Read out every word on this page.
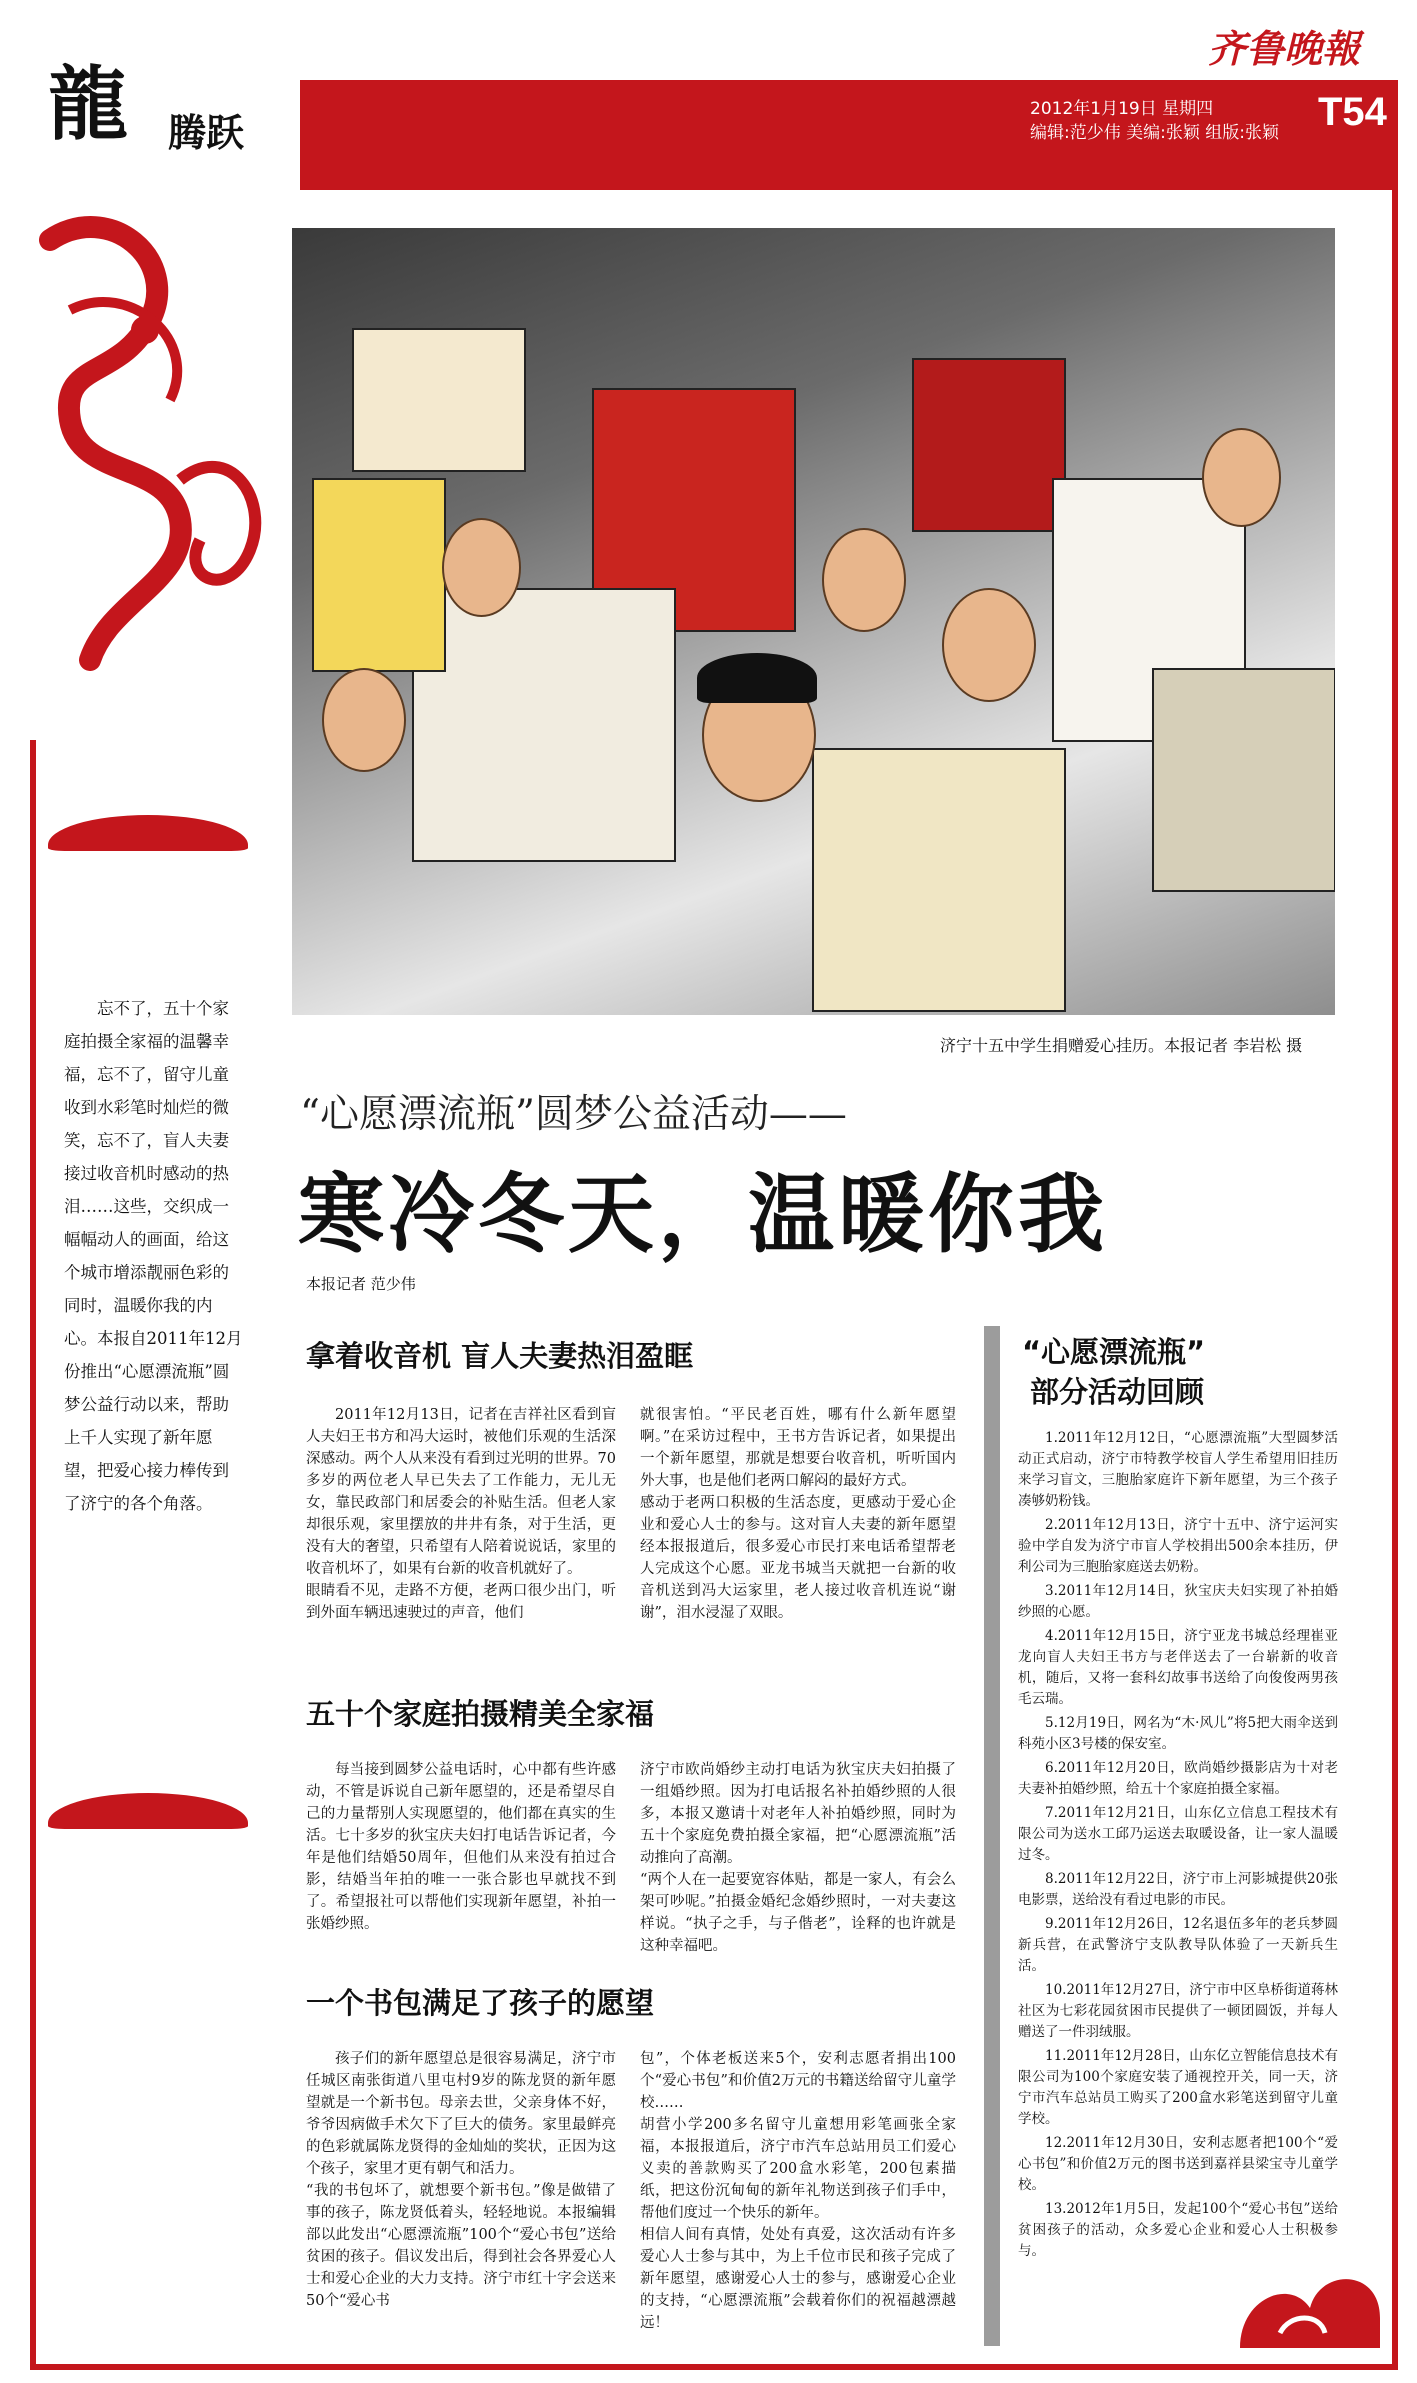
齐鲁晚報
龍 腾跃
2012年1月19日 星期四
编辑:范少伟 美编:张颖 组版:张颖 T54
济宁十五中学生捐赠爱心挂历。本报记者 李岩松 摄
忘不了，五十个家庭拍摄全家福的温馨幸福，忘不了，留守儿童收到水彩笔时灿烂的微笑，忘不了，盲人夫妻接过收音机时感动的热泪……这些，交织成一幅幅动人的画面，给这个城市增添靓丽色彩的同时，温暖你我的内心。本报自2011年12月份推出“心愿漂流瓶”圆梦公益行动以来，帮助上千人实现了新年愿望，把爱心接力棒传到了济宁的各个角落。
“心愿漂流瓶”圆梦公益活动——
寒冷冬天，温暖你我
本报记者 范少伟
拿着收音机 盲人夫妻热泪盈眶
2011年12月13日，记者在吉祥社区看到盲人夫妇王书方和冯大运时，被他们乐观的生活深深感动。两个人从来没有看到过光明的世界。70多岁的两位老人早已失去了工作能力，无儿无女，靠民政部门和居委会的补贴生活。但老人家却很乐观，家里摆放的井井有条，对于生活，更没有大的奢望，只希望有人陪着说说话，家里的收音机坏了，如果有台新的收音机就好了。
眼睛看不见，走路不方便，老两口很少出门，听到外面车辆迅速驶过的声音，他们
就很害怕。“平民老百姓，哪有什么新年愿望啊。”在采访过程中，王书方告诉记者，如果提出一个新年愿望，那就是想要台收音机，听听国内外大事，也是他们老两口解闷的最好方式。
感动于老两口积极的生活态度，更感动于爱心企业和爱心人士的参与。这对盲人夫妻的新年愿望经本报报道后，很多爱心市民打来电话希望帮老人完成这个心愿。亚龙书城当天就把一台新的收音机送到冯大运家里，老人接过收音机连说“谢谢”，泪水浸湿了双眼。
五十个家庭拍摄精美全家福
每当接到圆梦公益电话时，心中都有些许感动，不管是诉说自己新年愿望的，还是希望尽自己的力量帮别人实现愿望的，他们都在真实的生活。七十多岁的狄宝庆夫妇打电话告诉记者，今年是他们结婚50周年，但他们从来没有拍过合影，结婚当年拍的唯一一张合影也早就找不到了。希望报社可以帮他们实现新年愿望，补拍一张婚纱照。
济宁市欧尚婚纱主动打电话为狄宝庆夫妇拍摄了一组婚纱照。因为打电话报名补拍婚纱照的人很多，本报又邀请十对老年人补拍婚纱照，同时为五十个家庭免费拍摄全家福，把“心愿漂流瓶”活动推向了高潮。
“两个人在一起要宽容体贴，都是一家人，有会么架可吵呢。”拍摄金婚纪念婚纱照时，一对夫妻这样说。“执子之手，与子偕老”，诠释的也许就是这种幸福吧。
一个书包满足了孩子的愿望
孩子们的新年愿望总是很容易满足，济宁市任城区南张街道八里屯村9岁的陈龙贤的新年愿望就是一个新书包。母亲去世，父亲身体不好，爷爷因病做手术欠下了巨大的债务。家里最鲜亮的色彩就属陈龙贤得的金灿灿的奖状，正因为这个孩子，家里才更有朝气和活力。
“我的书包坏了，就想要个新书包。”像是做错了事的孩子，陈龙贤低着头，轻轻地说。本报编辑部以此发出“心愿漂流瓶”100个“爱心书包”送给贫困的孩子。倡议发出后，得到社会各界爱心人士和爱心企业的大力支持。济宁市红十字会送来50个“爱心书
包”，个体老板送来5个，安利志愿者捐出100个“爱心书包”和价值2万元的书籍送给留守儿童学校……
胡营小学200多名留守儿童想用彩笔画张全家福，本报报道后，济宁市汽车总站用员工们爱心义卖的善款购买了200盒水彩笔，200包素描纸，把这份沉甸甸的新年礼物送到孩子们手中，帮他们度过一个快乐的新年。
相信人间有真情，处处有真爱，这次活动有许多爱心人士参与其中，为上千位市民和孩子完成了新年愿望，感谢爱心人士的参与，感谢爱心企业的支持，“心愿漂流瓶”会载着你们的祝福越漂越远！
“心愿漂流瓶”
部分活动回顾

1.2011年12月12日，“心愿漂流瓶”大型圆梦活动正式启动，济宁市特教学校盲人学生希望用旧挂历来学习盲文，三胞胎家庭许下新年愿望，为三个孩子凑够奶粉钱。

2.2011年12月13日，济宁十五中、济宁运河实验中学自发为济宁市盲人学校捐出500余本挂历，伊利公司为三胞胎家庭送去奶粉。

3.2011年12月14日，狄宝庆夫妇实现了补拍婚纱照的心愿。

4.2011年12月15日，济宁亚龙书城总经理崔亚龙向盲人夫妇王书方与老伴送去了一台崭新的收音机，随后，又将一套科幻故事书送给了向俊俊两男孩毛云瑞。

5.12月19日，网名为“木·风儿”将5把大雨伞送到科苑小区3号楼的保安室。

6.2011年12月20日，欧尚婚纱摄影店为十对老夫妻补拍婚纱照，给五十个家庭拍摄全家福。

7.2011年12月21日，山东亿立信息工程技术有限公司为送水工邱乃运送去取暖设备，让一家人温暖过冬。

8.2011年12月22日，济宁市上河影城提供20张电影票，送给没有看过电影的市民。

9.2011年12月26日，12名退伍多年的老兵梦圆新兵营，在武警济宁支队教导队体验了一天新兵生活。

10.2011年12月27日，济宁市中区阜桥街道蒋林社区为七彩花园贫困市民提供了一顿团圆饭，并每人赠送了一件羽绒服。

11.2011年12月28日，山东亿立智能信息技术有限公司为100个家庭安装了通视控开关，同一天，济宁市汽车总站员工购买了200盒水彩笔送到留守儿童学校。

12.2011年12月30日，安利志愿者把100个“爱心书包”和价值2万元的图书送到嘉祥县梁宝寺儿童学校。

13.2012年1月5日，发起100个“爱心书包”送给贫困孩子的活动，众多爱心企业和爱心人士积极参与。
